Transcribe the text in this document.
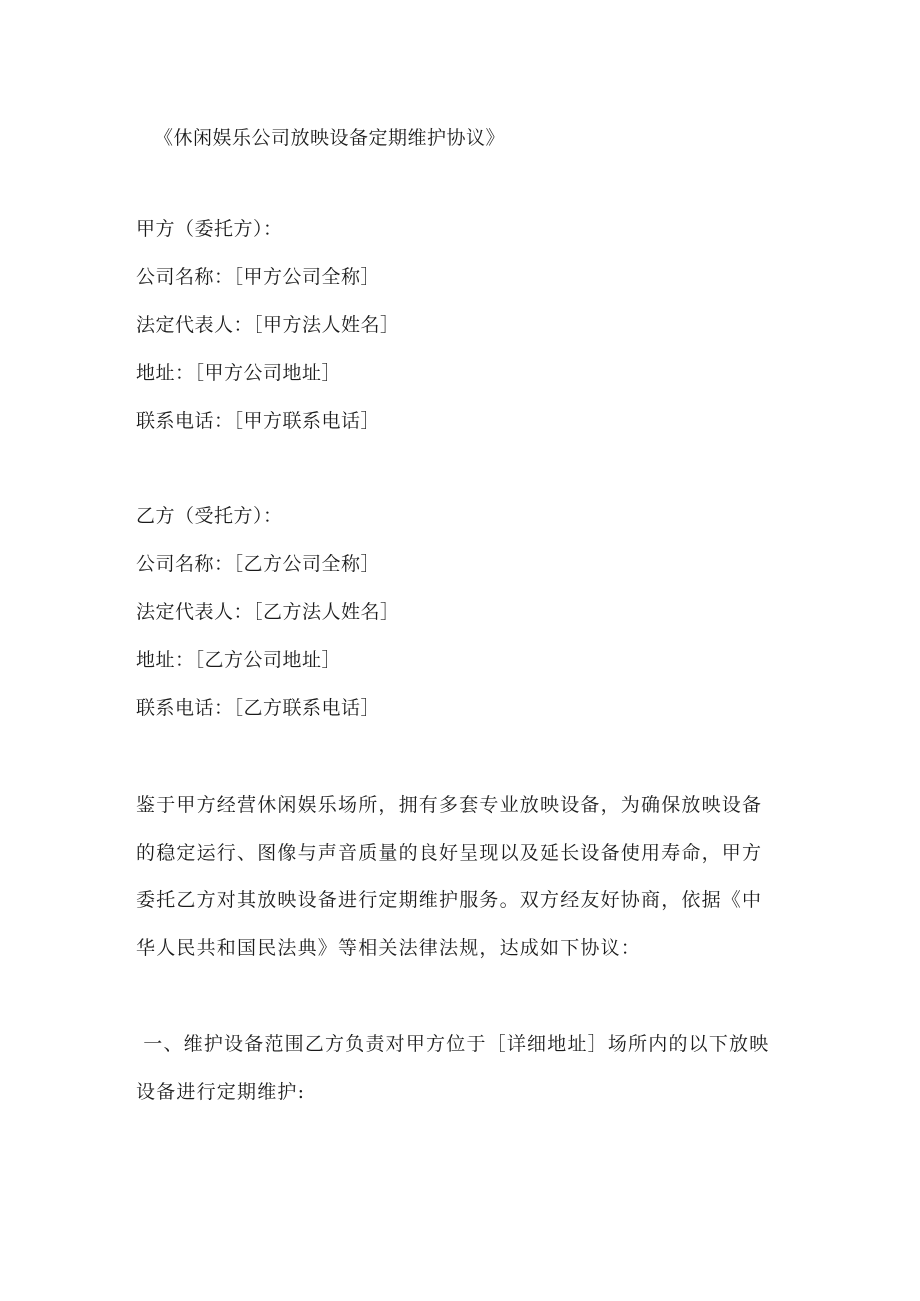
《休闲娱乐公司放映设备定期维护协议》
甲方（委托方）：
公司名称：［甲方公司全称］
法定代表人：［甲方法人姓名］
地址：［甲方公司地址］
联系电话：［甲方联系电话］
乙方（受托方）：
公司名称：［乙方公司全称］
法定代表人：［乙方法人姓名］
地址：［乙方公司地址］
联系电话：［乙方联系电话］
鉴于甲方经营休闲娱乐场所，拥有多套专业放映设备，为确保放映设备
的稳定运行、图像与声音质量的良好呈现以及延长设备使用寿命，甲方
委托乙方对其放映设备进行定期维护服务。双方经友好协商，依据《中
华人民共和国民法典》等相关法律法规，达成如下协议：
一、维护设备范围乙方负责对甲方位于［详细地址］场所内的以下放映
设备进行定期维护:
